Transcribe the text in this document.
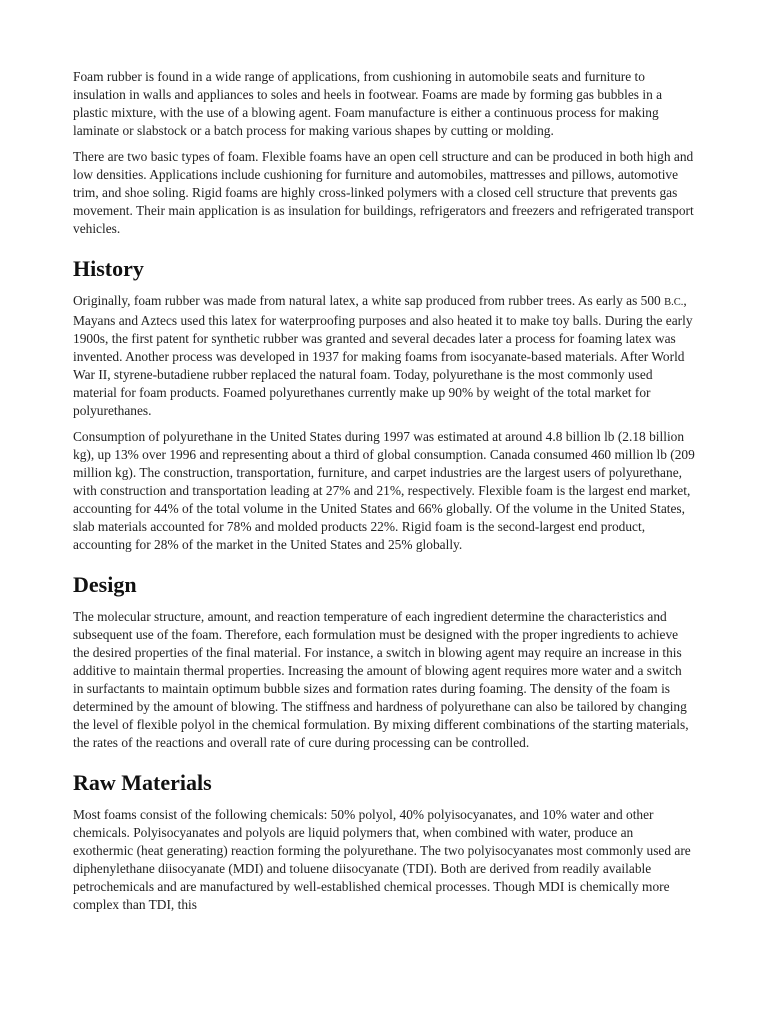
Foam rubber is found in a wide range of applications, from cushioning in automobile seats and furniture to insulation in walls and appliances to soles and heels in footwear. Foams are made by forming gas bubbles in a plastic mixture, with the use of a blowing agent. Foam manufacture is either a continuous process for making laminate or slabstock or a batch process for making various shapes by cutting or molding.

There are two basic types of foam. Flexible foams have an open cell structure and can be produced in both high and low densities. Applications include cushioning for furniture and automobiles, mattresses and pillows, automotive trim, and shoe soling. Rigid foams are highly cross-linked polymers with a closed cell structure that prevents gas movement. Their main application is as insulation for buildings, refrigerators and freezers and refrigerated transport vehicles.

History

Originally, foam rubber was made from natural latex, a white sap produced from rubber trees. As early as 500 B.C., Mayans and Aztecs used this latex for waterproofing purposes and also heated it to make toy balls. During the early 1900s, the first patent for synthetic rubber was granted and several decades later a process for foaming latex was invented. Another process was developed in 1937 for making foams from isocyanate-based materials. After World War II, styrene-butadiene rubber replaced the natural foam. Today, polyurethane is the most commonly used material for foam products. Foamed polyurethanes currently make up 90% by weight of the total market for polyurethanes.

Consumption of polyurethane in the United States during 1997 was estimated at around 4.8 billion lb (2.18 billion kg), up 13% over 1996 and representing about a third of global consumption. Canada consumed 460 million lb (209 million kg). The construction, transportation, furniture, and carpet industries are the largest users of polyurethane, with construction and transportation leading at 27% and 21%, respectively. Flexible foam is the largest end market, accounting for 44% of the total volume in the United States and 66% globally. Of the volume in the United States, slab materials accounted for 78% and molded products 22%. Rigid foam is the second-largest end product, accounting for 28% of the market in the United States and 25% globally.

Design

The molecular structure, amount, and reaction temperature of each ingredient determine the characteristics and subsequent use of the foam. Therefore, each formulation must be designed with the proper ingredients to achieve the desired properties of the final material. For instance, a switch in blowing agent may require an increase in this additive to maintain thermal properties. Increasing the amount of blowing agent requires more water and a switch in surfactants to maintain optimum bubble sizes and formation rates during foaming. The density of the foam is determined by the amount of blowing. The stiffness and hardness of polyurethane can also be tailored by changing the level of flexible polyol in the chemical formulation. By mixing different combinations of the starting materials, the rates of the reactions and overall rate of cure during processing can be controlled.

Raw Materials

Most foams consist of the following chemicals: 50% polyol, 40% polyisocyanates, and 10% water and other chemicals. Polyisocyanates and polyols are liquid polymers that, when combined with water, produce an exothermic (heat generating) reaction forming the polyurethane. The two polyisocyanates most commonly used are diphenylethane diisocyanate (MDI) and toluene diisocyanate (TDI). Both are derived from readily available petrochemicals and are manufactured by well-established chemical processes. Though MDI is chemically more complex than TDI, this
